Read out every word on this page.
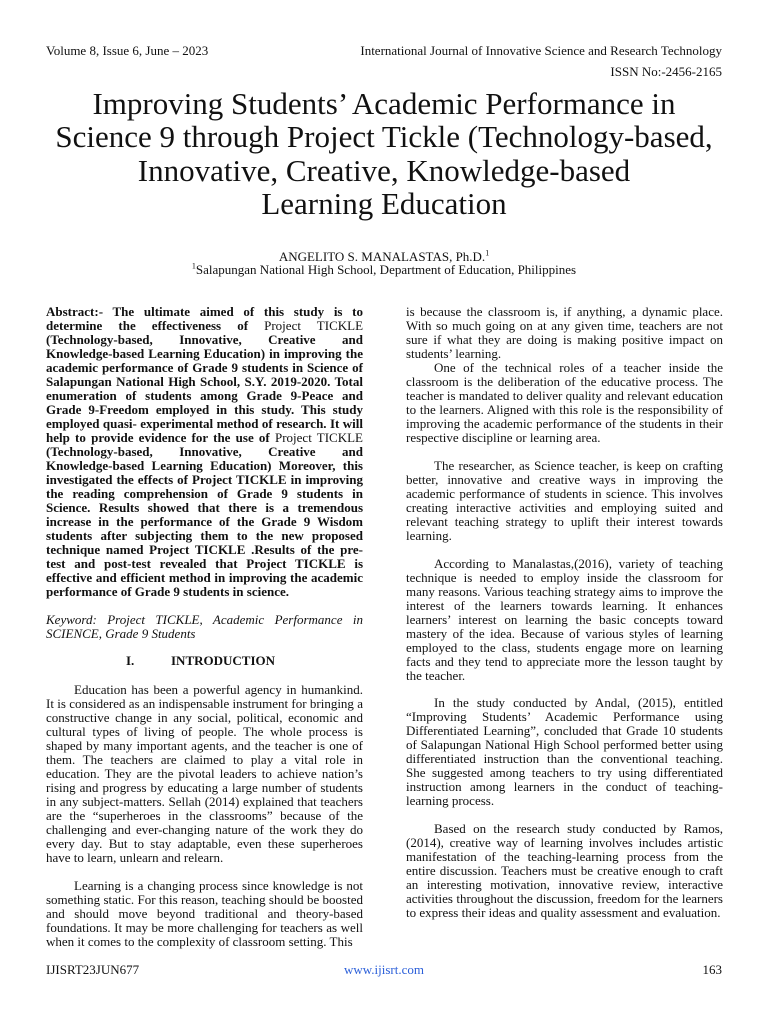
Volume 8, Issue 6, June – 2023	International Journal of Innovative Science and Research Technology
ISSN No:-2456-2165
Improving Students’ Academic Performance in
Science 9 through Project Tickle (Technology-based,
Innovative, Creative, Knowledge-based
Learning Education
ANGELITO S. MANALASTAS, Ph.D.$^1$
$^1$Salapungan National High School, Department of Education, Philippines

Abstract:- The ultimate aimed of this study is to determine the effectiveness of Project TICKLE (Technology-based, Innovative, Creative and Knowledge-based Learning Education) in improving the academic performance of Grade 9 students in Science of Salapungan National High School, S.Y. 2019-2020. Total enumeration of students among Grade 9-Peace and Grade 9-Freedom employed in this study. This study employed quasi- experimental method of research. It will help to provide evidence for the use of Project TICKLE (Technology-based, Innovative, Creative and Knowledge-based Learning Education) Moreover, this investigated the effects of Project TICKLE in improving the reading comprehension of Grade 9 students in Science. Results showed that there is a tremendous increase in the performance of the Grade 9 Wisdom students after subjecting them to the new proposed technique named Project TICKLE .Results of the pre-test and post-test revealed that Project TICKLE is effective and efficient method in improving the academic performance of Grade 9 students in science.

Keyword: Project TICKLE, Academic Performance in SCIENCE, Grade 9 Students

I.	INTRODUCTION

Education has been a powerful agency in humankind. It is considered as an indispensable instrument for bringing a constructive change in any social, political, economic and cultural types of living of people. The whole process is shaped by many important agents, and the teacher is one of them. The teachers are claimed to play a vital role in education. They are the pivotal leaders to achieve nation’s rising and progress by educating a large number of students in any subject-matters. Sellah (2014) explained that teachers are the “superheroes in the classrooms” because of the challenging and ever-changing nature of the work they do every day. But to stay adaptable, even these superheroes have to learn, unlearn and relearn.

Learning is a changing process since knowledge is not something static. For this reason, teaching should be boosted and should move beyond traditional and theory-based foundations. It may be more challenging for teachers as well when it comes to the complexity of classroom setting. This

is because the classroom is, if anything, a dynamic place. With so much going on at any given time, teachers are not sure if what they are doing is making positive impact on students’ learning.

One of the technical roles of a teacher inside the classroom is the deliberation of the educative process. The teacher is mandated to deliver quality and relevant education to the learners. Aligned with this role is the responsibility of improving the academic performance of the students in their respective discipline or learning area.

The researcher, as Science teacher, is keep on crafting better, innovative and creative ways in improving the academic performance of students in science. This involves creating interactive activities and employing suited and relevant teaching strategy to uplift their interest towards learning.

According to Manalastas,(2016), variety of teaching technique is needed to employ inside the classroom for many reasons. Various teaching strategy aims to improve the interest of the learners towards learning. It enhances learners’ interest on learning the basic concepts toward mastery of the idea. Because of various styles of learning employed to the class, students engage more on learning facts and they tend to appreciate more the lesson taught by the teacher.

In the study conducted by Andal, (2015), entitled “Improving Students’ Academic Performance using Differentiated Learning”, concluded that Grade 10 students of Salapungan National High School performed better using differentiated instruction than the conventional teaching. She suggested among teachers to try using differentiated instruction among learners in the conduct of teaching-learning process.

Based on the research study conducted by Ramos, (2014), creative way of learning involves includes artistic manifestation of the teaching-learning process from the entire discussion. Teachers must be creative enough to craft an interesting motivation, innovative review, interactive activities throughout the discussion, freedom for the learners to express their ideas and quality assessment and evaluation.

IJISRT23JUN677	www.ijisrt.com	163
